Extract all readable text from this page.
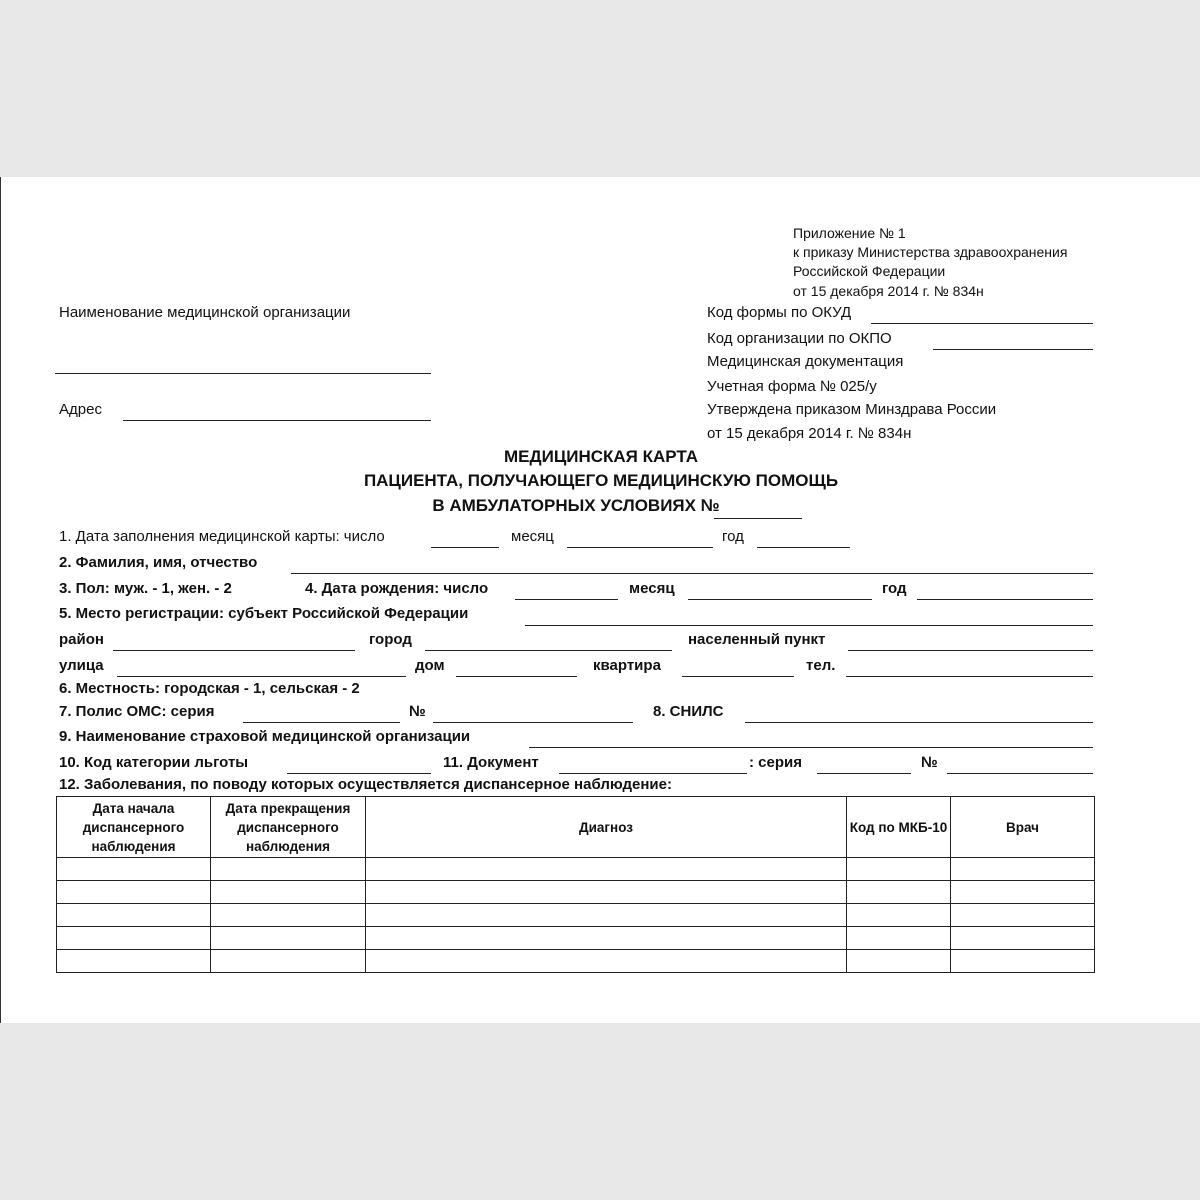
Приложение № 1
к приказу Министерства здравоохранения
Российской Федерации
от 15 декабря 2014 г. № 834н
Наименование медицинской организации
Адрес
Код формы по ОКУД
Код организации по ОКПО
Медицинская документация
Учетная форма № 025/у
Утверждена приказом Минздрава России
от 15 декабря 2014 г. № 834н
МЕДИЦИНСКАЯ КАРТА
ПАЦИЕНТА, ПОЛУЧАЮЩЕГО МЕДИЦИНСКУЮ ПОМОЩЬ
В АМБУЛАТОРНЫХ УСЛОВИЯХ №
1. Дата заполнения медицинской карты: число	месяц	год
2. Фамилия, имя, отчество
3. Пол: муж. - 1, жен. - 2	4. Дата рождения: число	месяц	год
5. Место регистрации: субъект Российской Федерации
район	город	населенный пункт
улица	дом	квартира	тел.
6. Местность: городская - 1, сельская - 2
7. Полис ОМС: серия	№	8. СНИЛС
9. Наименование страховой медицинской организации
10. Код категории льготы	11. Документ	: серия	№
12. Заболевания, по поводу которых осуществляется диспансерное наблюдение:
Дата начала диспансерного наблюдения	Дата прекращения диспансерного наблюдения	Диагноз	Код по МКБ-10	Врач
